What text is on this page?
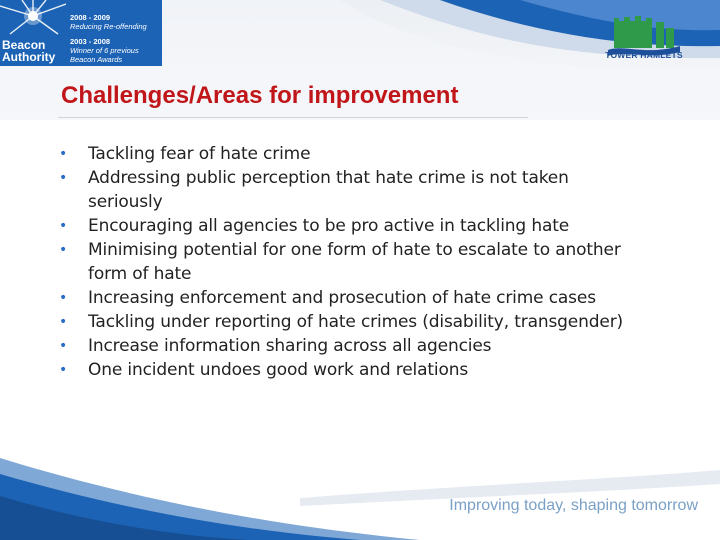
Beacon
Authority
2008 - 2009
Reducing Re-offending
2003 - 2008
Winner of 6 previous
Beacon Awards	TOWER HAMLETS
Challenges/Areas for improvement
• Tackling fear of hate crime
• Addressing public perception that hate crime is not taken seriously
• Encouraging all agencies to be pro active in tackling hate
• Minimising potential for one form of hate to escalate to another form of hate
• Increasing enforcement and prosecution of hate crime cases
• Tackling under reporting of hate crimes (disability, transgender)
• Increase information sharing across all agencies
• One incident undoes good work and relations
Improving today, shaping tomorrow
